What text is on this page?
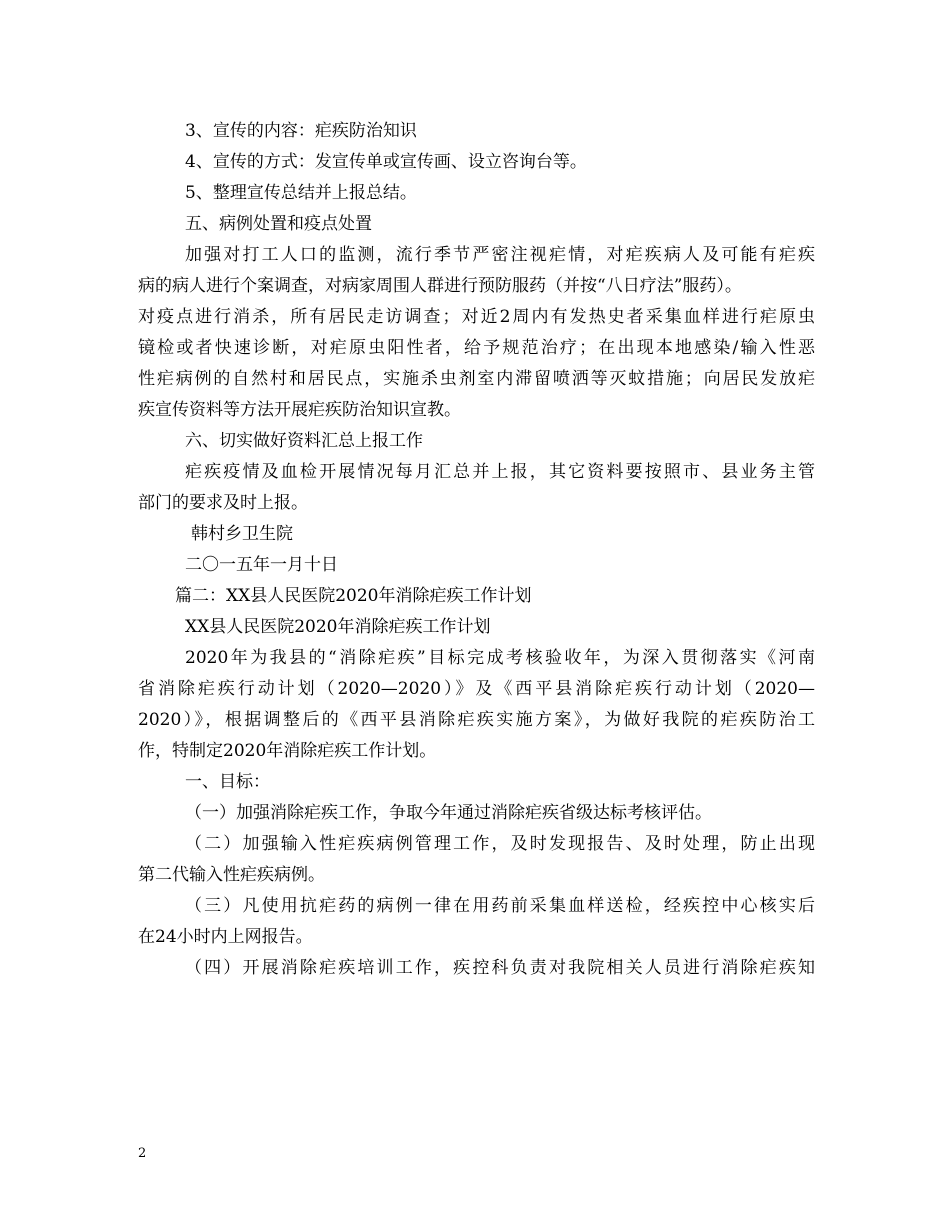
3、宣传的内容：疟疾防治知识
4、宣传的方式：发宣传单或宣传画、设立咨询台等。
5、整理宣传总结并上报总结。
五、病例处置和疫点处置
加强对打工人口的监测，流行季节严密注视疟情，对疟疾病人及可能有疟疾
病的病人进行个案调查，对病家周围人群进行预防服药（并按“八日疗法”服药）。
对疫点进行消杀，所有居民走访调查；对近2周内有发热史者采集血样进行疟原虫
镜检或者快速诊断，对疟原虫阳性者，给予规范治疗；在出现本地感染/输入性恶
性疟病例的自然村和居民点，实施杀虫剂室内滞留喷洒等灭蚊措施；向居民发放疟
疾宣传资料等方法开展疟疾防治知识宣教。
六、切实做好资料汇总上报工作
疟疾疫情及血检开展情况每月汇总并上报，其它资料要按照市、县业务主管
部门的要求及时上报。
韩村乡卫生院
二〇一五年一月十日
篇二：XX县人民医院2020年消除疟疾工作计划
XX县人民医院2020年消除疟疾工作计划
2020年为我县的“消除疟疾”目标完成考核验收年，为深入贯彻落实《河南
省消除疟疾行动计划（2020—2020）》及《西平县消除疟疾行动计划（2020—
2020）》，根据调整后的《西平县消除疟疾实施方案》，为做好我院的疟疾防治工
作，特制定2020年消除疟疾工作计划。
一、目标：
（一）加强消除疟疾工作，争取今年通过消除疟疾省级达标考核评估。
（二）加强输入性疟疾病例管理工作，及时发现报告、及时处理，防止出现
第二代输入性疟疾病例。
（三）凡使用抗疟药的病例一律在用药前采集血样送检，经疾控中心核实后
在24小时内上网报告。
（四）开展消除疟疾培训工作，疾控科负责对我院相关人员进行消除疟疾知
2
